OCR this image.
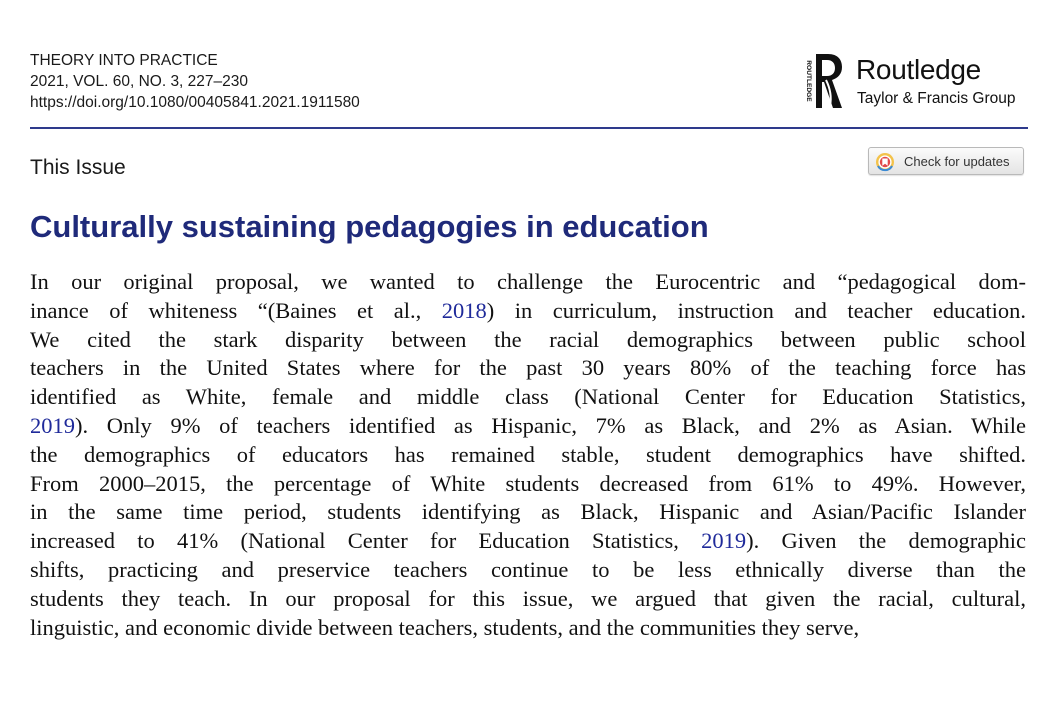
THEORY INTO PRACTICE
2021, VOL. 60, NO. 3, 227–230
https://doi.org/10.1080/00405841.2021.1911580
ROUTLEDGE Routledge
Taylor & Francis Group
This Issue	Check for updates
Culturally sustaining pedagogies in education
In our original proposal, we wanted to challenge the Eurocentric and “pedagogical dom-
inance of whiteness “(Baines et al., 2018) in curriculum, instruction and teacher education.
We cited the stark disparity between the racial demographics between public school
teachers in the United States where for the past 30 years 80% of the teaching force has
identified as White, female and middle class (National Center for Education Statistics,
2019). Only 9% of teachers identified as Hispanic, 7% as Black, and 2% as Asian. While
the demographics of educators has remained stable, student demographics have shifted.
From 2000–2015, the percentage of White students decreased from 61% to 49%. However,
in the same time period, students identifying as Black, Hispanic and Asian/Pacific Islander
increased to 41% (National Center for Education Statistics, 2019). Given the demographic
shifts, practicing and preservice teachers continue to be less ethnically diverse than the
students they teach. In our proposal for this issue, we argued that given the racial, cultural,
linguistic, and economic divide between teachers, students, and the communities they serve,
